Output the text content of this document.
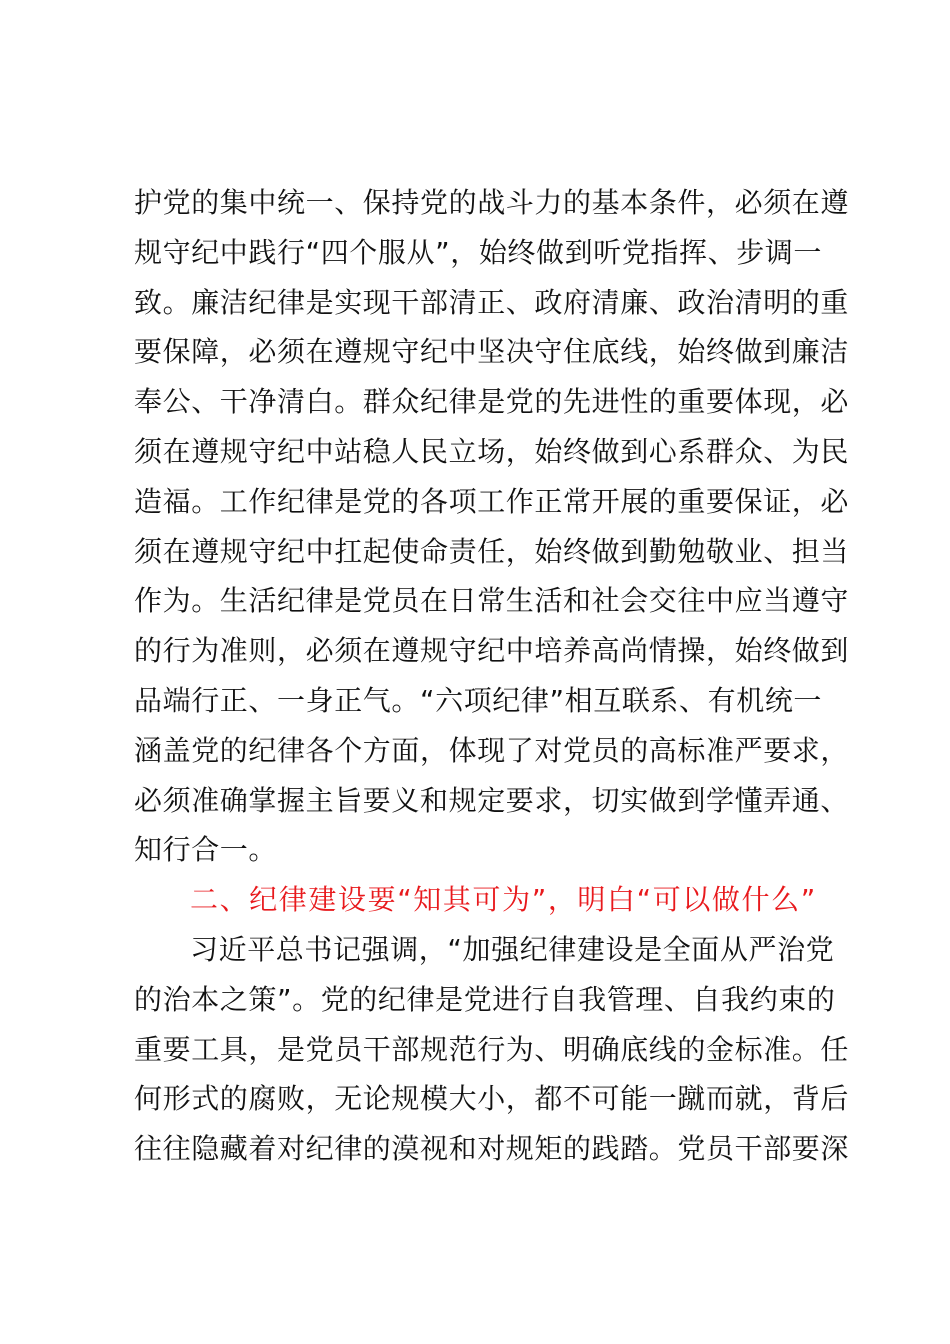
护党的集中统一、保持党的战斗力的基本条件，必须在遵
规守纪中践行“四个服从”，始终做到听党指挥、步调一
致。廉洁纪律是实现干部清正、政府清廉、政治清明的重
要保障，必须在遵规守纪中坚决守住底线，始终做到廉洁
奉公、干净清白。群众纪律是党的先进性的重要体现，必
须在遵规守纪中站稳人民立场，始终做到心系群众、为民
造福。工作纪律是党的各项工作正常开展的重要保证，必
须在遵规守纪中扛起使命责任，始终做到勤勉敬业、担当
作为。生活纪律是党员在日常生活和社会交往中应当遵守
的行为准则，必须在遵规守纪中培养高尚情操，始终做到
品端行正、一身正气。“六项纪律”相互联系、有机统一
涵盖党的纪律各个方面，体现了对党员的高标准严要求，
必须准确掌握主旨要义和规定要求，切实做到学懂弄通、
知行合一。
二、纪律建设要“知其可为”，明白“可以做什么”
习近平总书记强调，“加强纪律建设是全面从严治党
的治本之策”。党的纪律是党进行自我管理、自我约束的
重要工具，是党员干部规范行为、明确底线的金标准。任
何形式的腐败，无论规模大小，都不可能一蹴而就，背后
往往隐藏着对纪律的漠视和对规矩的践踏。党员干部要深
